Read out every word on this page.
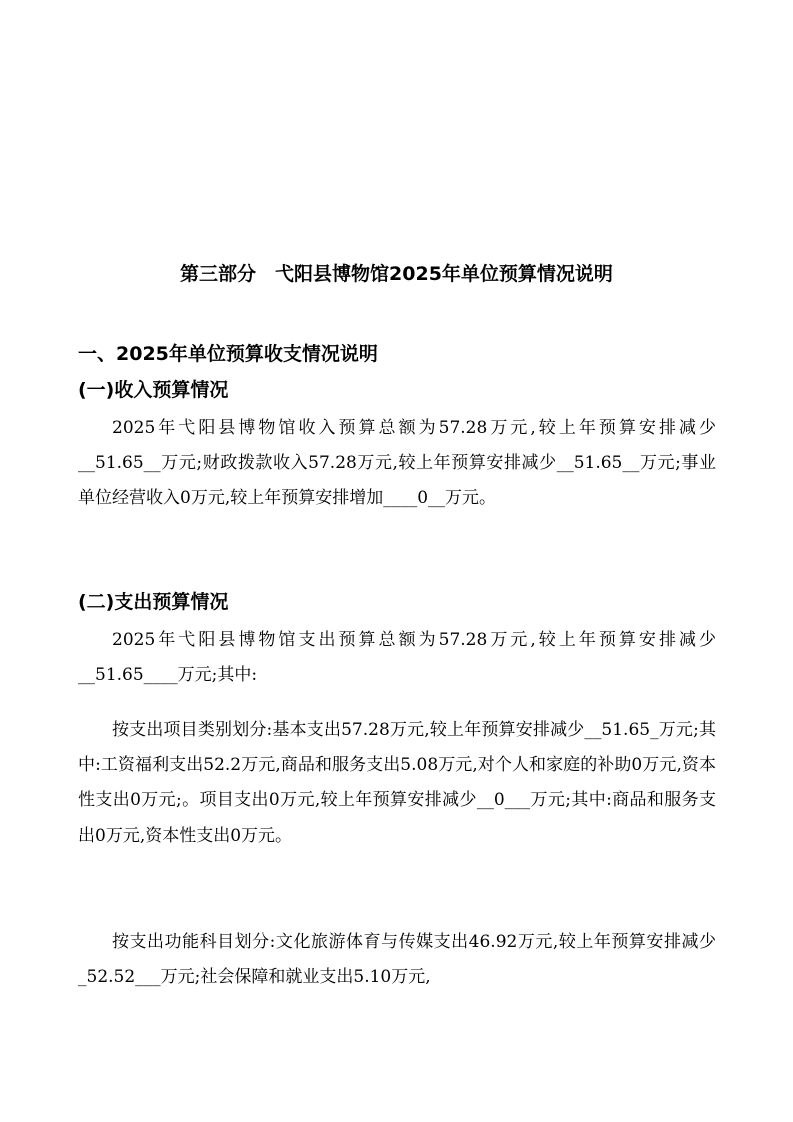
第三部分　弋阳县博物馆2025年单位预算情况说明
一、2025年单位预算收支情况说明
(一)收入预算情况

2025年弋阳县博物馆收入预算总额为57.28万元,较上年预算安排减少__51.65__万元;财政拨款收入57.28万元,较上年预算安排减少__51.65__万元;事业单位经营收入0万元,较上年预算安排增加____0__万元。

(二)支出预算情况

2025年弋阳县博物馆支出预算总额为57.28万元,较上年预算安排减少__51.65____万元;其中:

按支出项目类别划分:基本支出57.28万元,较上年预算安排减少__51.65_万元;其中:工资福利支出52.2万元,商品和服务支出5.08万元,对个人和家庭的补助0万元,资本性支出0万元;。项目支出0万元,较上年预算安排减少__0___万元;其中:商品和服务支出0万元,资本性支出0万元。

按支出功能科目划分:文化旅游体育与传媒支出46.92万元,较上年预算安排减少_52.52___万元;社会保障和就业支出5.10万元,
